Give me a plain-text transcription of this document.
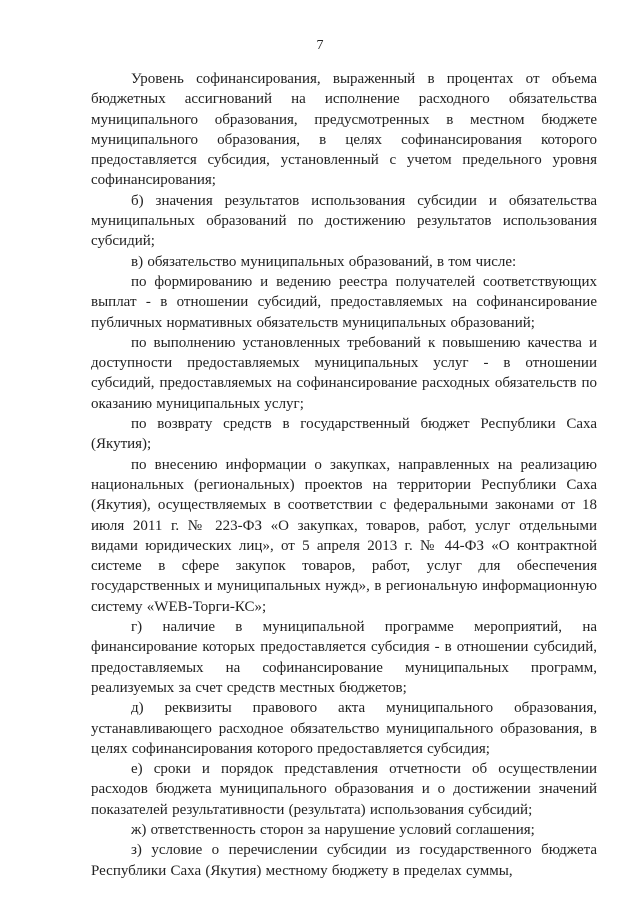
7

Уровень софинансирования, выраженный в процентах от объема бюджетных ассигнований на исполнение расходного обязательства муниципального образования, предусмотренных в местном бюджете муниципального образования, в целях софинансирования которого предоставляется субсидия, установленный с учетом предельного уровня софинансирования;

б) значения результатов использования субсидии и обязательства муниципальных образований по достижению результатов использования субсидий;

в) обязательство муниципальных образований, в том числе:

по формированию и ведению реестра получателей соответствующих выплат - в отношении субсидий, предоставляемых на софинансирование публичных нормативных обязательств муниципальных образований;

по выполнению установленных требований к повышению качества и доступности предоставляемых муниципальных услуг - в отношении субсидий, предоставляемых на софинансирование расходных обязательств по оказанию муниципальных услуг;

по возврату средств в государственный бюджет Республики Саха (Якутия);

по внесению информации о закупках, направленных на реализацию национальных (региональных) проектов на территории Республики Саха (Якутия), осуществляемых в соответствии с федеральными законами от 18 июля 2011 г. № 223-ФЗ «О закупках, товаров, работ, услуг отдельными видами юридических лиц», от 5 апреля 2013 г. № 44-ФЗ «О контрактной системе в сфере закупок товаров, работ, услуг для обеспечения государственных и муниципальных нужд», в региональную информационную систему «WEB-Торги-КС»;

г) наличие в муниципальной программе мероприятий, на финансирование которых предоставляется субсидия - в отношении субсидий, предоставляемых на софинансирование муниципальных программ, реализуемых за счет средств местных бюджетов;

д) реквизиты правового акта муниципального образования, устанавливающего расходное обязательство муниципального образования, в целях софинансирования которого предоставляется субсидия;

е) сроки и порядок представления отчетности об осуществлении расходов бюджета муниципального образования и о достижении значений показателей результативности (результата) использования субсидий;

ж) ответственность сторон за нарушение условий соглашения;

з) условие о перечислении субсидии из государственного бюджета Республики Саха (Якутия) местному бюджету в пределах суммы,
